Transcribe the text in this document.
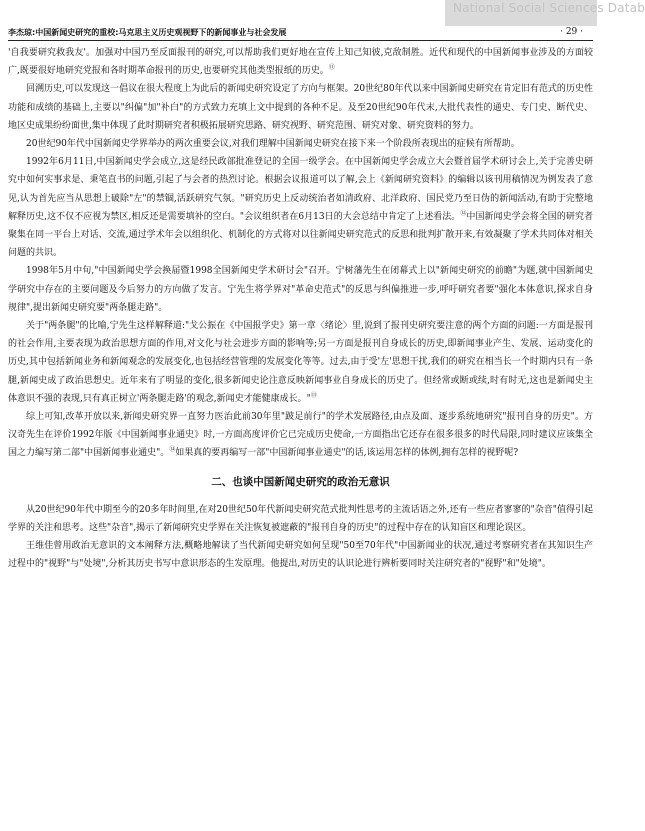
National Social Sciences Datab
李杰琼:中国新闻史研究的重校:马克思主义历史观视野下的新闻事业与社会发展	· 29 ·

'自我要研究救我友'。加强对中国乃至反面报刊的研究,可以帮助我们更好地在宣传上知己知彼,克敌制胜。近代和现代的中国新闻事业涉及的方面较广,既要很好地研究党报和各时期革命报刊的历史,也要研究其他类型报纸的历史。⑪

回溯历史,可以发现这一倡议在很大程度上为此后的新闻史研究设定了方向与框架。20世纪80年代以来中国新闻史研究在肯定旧有范式的历史性功能和成绩的基础上,主要以"纠偏"加"补白"的方式致力充填上文中提到的各种不足。及至20世纪90年代末,大批代表性的通史、专门史、断代史、地区史成果纷纷面世,集中体现了此时期研究者积极拓展研究思路、研究视野、研究范围、研究对象、研究资料的努力。

20世纪90年代中国新闻史学界举办的两次重要会议,对我们理解中国新闻史研究在接下来一个阶段所表现出的症候有所帮助。

1992年6月11日,中国新闻史学会成立,这是经民政部批准登记的全国一级学会。在中国新闻史学会成立大会暨首届学术研讨会上,关于完善史研究中如何实事求是、秉笔直书的问题,引起了与会者的热烈讨论。根据会议报道可以了解,会上《新闻研究资料》的编辑以该刊用稿情况为例发表了意见,认为首先应当从思想上破除"左"的禁锢,活跃研究气氛。"研究历史上反动统治者如清政府、北洋政府、国民党乃至日伪的新闻活动,有助于完整地解释历史,这不仅不应视为禁区,相反还是需要填补的空白。"会议组织者在6月13日的大会总结中肯定了上述看法。⑫中国新闻史学会将全国的研究者聚集在同一平台上对话、交流,通过学术年会以组织化、机制化的方式将对以往新闻史研究范式的反思和批判扩散开来,有效凝聚了学术共同体对相关问题的共识。

1998年5月中旬,"中国新闻史学会换届暨1998全国新闻史学术研讨会"召开。宁树藩先生在闭幕式上以"新闻史研究的前瞻"为题,就中国新闻史学研究中存在的主要问题及今后努力的方向做了发言。宁先生将学界对"革命史范式"的反思与纠偏推进一步,呼吁研究者要"强化本体意识,探求自身规律",提出新闻史研究要"两条腿走路"。

关于"两条腿"的比喻,宁先生这样解释道:"戈公振在《中国报学史》第一章〈绪论〉里,说到了报刊史研究要注意的两个方面的问题:一方面是报刊的社会作用,主要表现为政治思想方面的作用,对文化与社会进步方面的影响等;另一方面是报刊自身成长的历史,即新闻事业产生、发展、运动变化的历史,其中包括新闻业务和新闻观念的发展变化,也包括经营管理的发展变化等等。过去,由于受'左'思想干扰,我们的研究在相当长一个时期内只有一条腿,新闻史成了政治思想史。近年来有了明显的变化,很多新闻史论注意反映新闻事业自身成长的历史了。但经常或断或续,时有时无,这也是新闻史主体意识不强的表现,只有真正树立'两条腿走路'的观念,新闻史才能健康成长。"⑬

综上可知,改革开放以来,新闻史研究界一直努力医治此前30年里"跛足前行"的学术发展路径,由点及面、逐步系统地研究"报刊自身的历史"。方汉奇先生在评价1992年版《中国新闻事业通史》时,一方面高度评价它已完成历史使命,一方面指出它还存在很多很多的时代局限,同时建议应该集全国之力编写第二部"中国新闻事业通史"。⑭如果真的要再编写一部"中国新闻事业通史"的话,该运用怎样的体例,拥有怎样的视野呢?

二、也谈中国新闻史研究的政治无意识

从20世纪90年代中期至今的20多年时间里,在对20世纪50年代新闻史研究范式批判性思考的主流话语之外,还有一些应者寥寥的"杂音"值得引起学界的关注和思考。这些"杂音",揭示了新闻研究史学界在关注恢复被遮蔽的"报刊自身的历史"的过程中存在的认知盲区和理论误区。

王维佳曾用政治无意识的文本阐释方法,概略地解读了当代新闻史研究如何呈现"50至70年代"中国新闻业的状况,通过考察研究者在其知识生产过程中的"视野"与"处境",分析其历史书写中意识形态的生发原理。他提出,对历史的认识论进行辨析要同时关注研究者的"视野"和"处境"。
